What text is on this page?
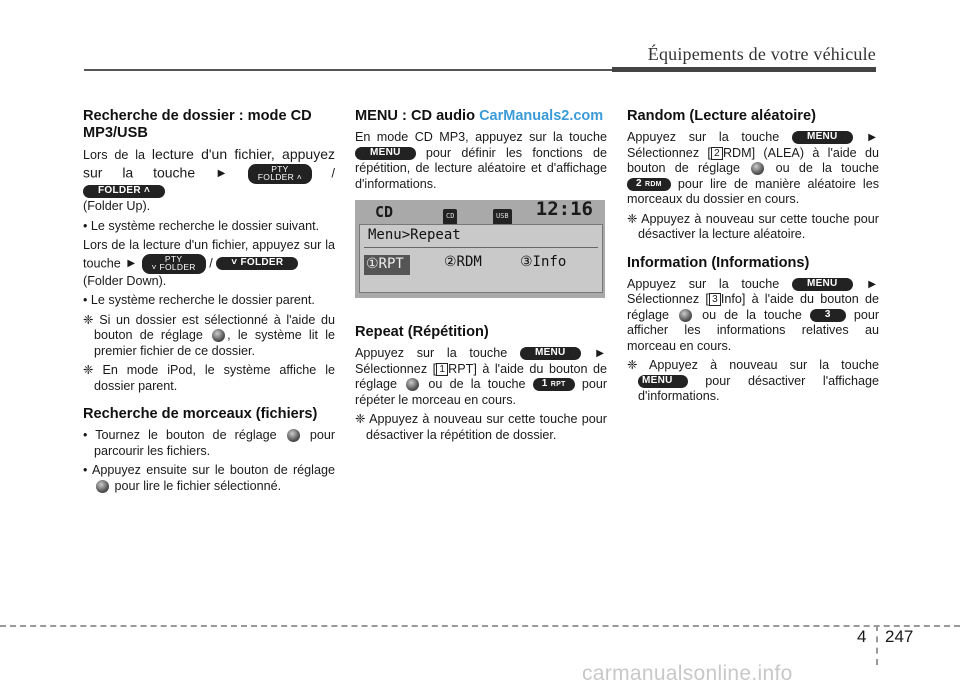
Équipements de votre véhicule
Recherche de dossier : mode CD MP3/USB

Lors de la lecture d'un fichier, appuyez sur la touche ▶	PTY
FOLDER ˄ / FOLDER ˄
(Folder Up).

• Le système recherche le dossier suivant.

Lors de la lecture d'un fichier, appuyez sur la touche ▶	PTY
˅ FOLDER / ˅ FOLDER
(Folder Down).

• Le système recherche le dossier parent.
❈ Si un dossier est sélectionné à l'aide du bouton de réglage , le système lit le premier fichier de ce dossier.
❈ En mode iPod, le système affiche le dossier parent.
Recherche de morceaux (fichiers)
• Tournez le bouton de réglage	pour parcourir les fichiers.
• Appuyez ensuite sur le bouton de réglage  pour lire le fichier sélectionné.
MENU : CD audio CarManuals2.com

En mode CD MP3, appuyez sur la touche MENU pour définir les fonctions de répétition, de lecture aléatoire et d'affichage d'informations.

CD	CD	USB 12:16
Menu>Repeat
①RPT	②RDM	③Info
Repeat (Répétition)

Appuyez sur la touche	MENU	▶ Sélectionnez [ 1 RPT] à l'aide du bouton de réglage ou de la touche 1 RPT pour répéter le morceau en cours.

❈ Appuyez à nouveau sur cette touche pour désactiver la répétition de dossier.
Random (Lecture aléatoire)

Appuyez sur la touche	MENU	▶ Sélectionnez [ 2 RDM] (ALEA) à l'aide du bouton de réglage	ou de la touche 2 RDM pour lire de manière aléatoire les morceaux du dossier en cours.

❈ Appuyez à nouveau sur cette touche pour désactiver la lecture aléatoire.
Information (Informations)

Appuyez sur la touche	MENU	▶ Sélectionnez [ 3 Info] à l'aide du bouton de réglage	ou de la touche 3 pour afficher les informations relatives au morceau en cours.

❈ Appuyez à nouveau sur la touche MENU	pour désactiver l'affichage d'informations.
4 247
carmanualsonline.info
